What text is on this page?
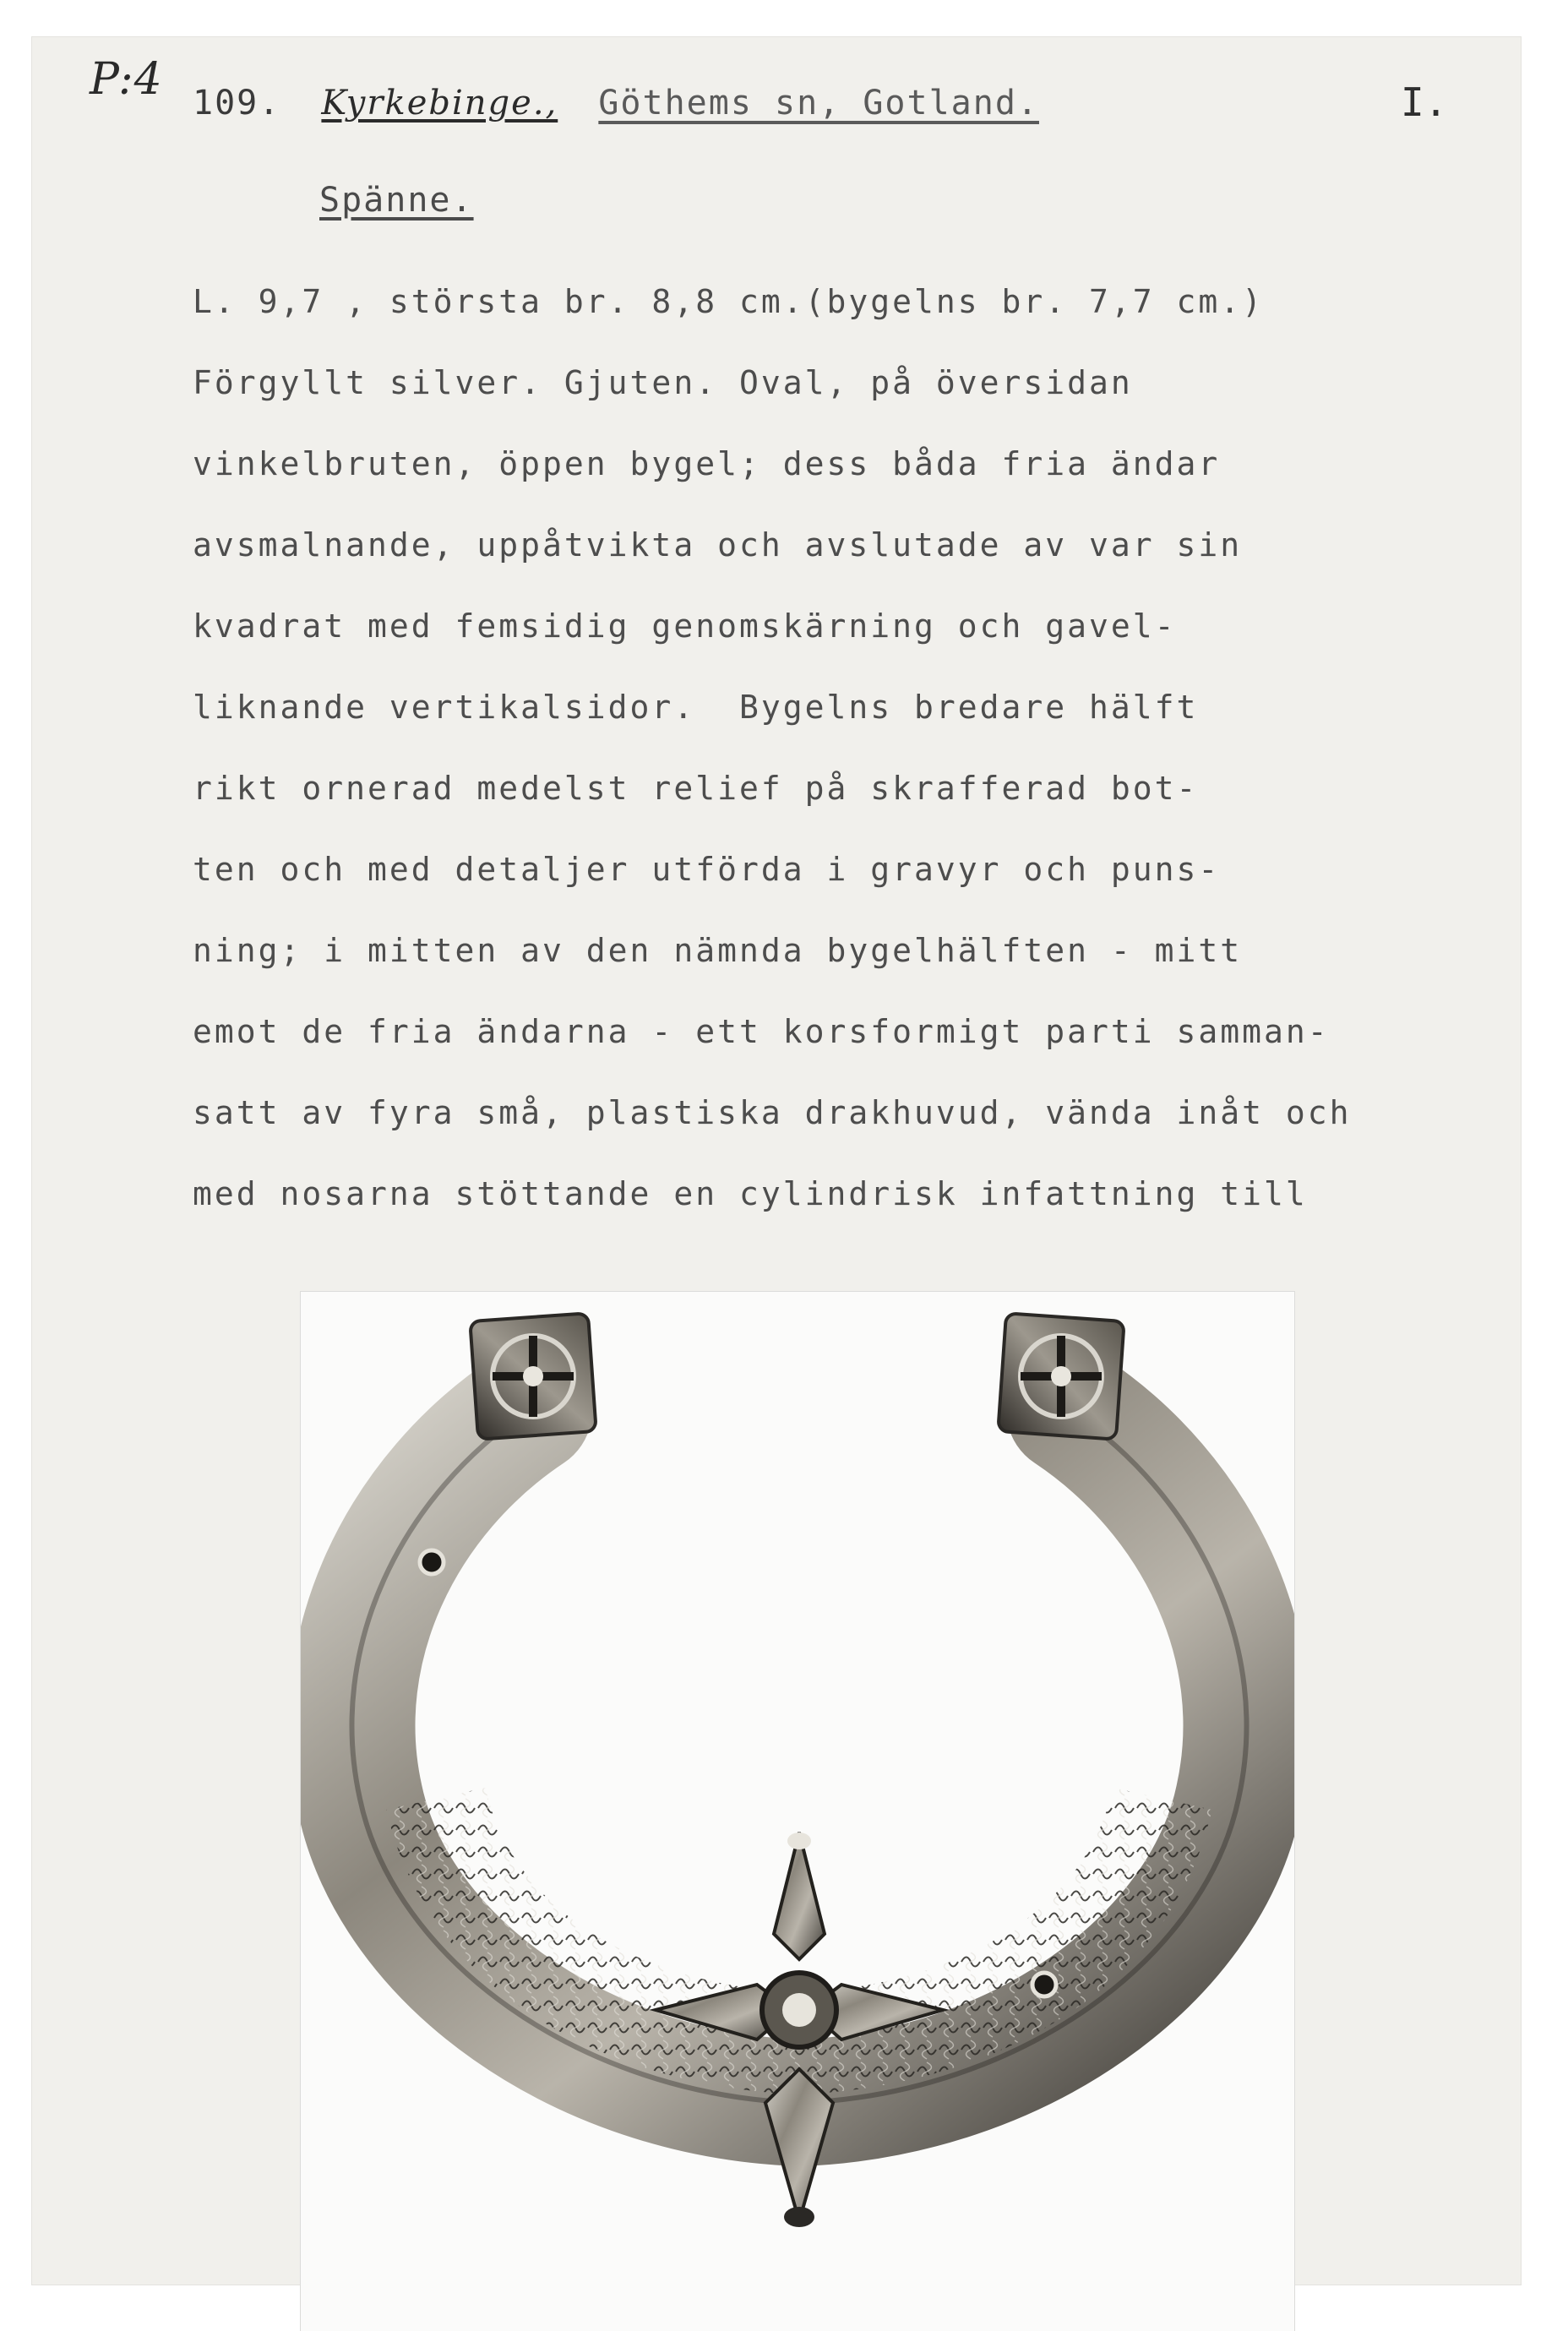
P:4 109. Kyrkebinge., Göthems sn, Gotland.	I.
Spänne.
L. 9,7 , största br. 8,8 cm.(bygelns br. 7,7 cm.)
Förgyllt silver. Gjuten. Oval, på översidan
vinkelbruten, öppen bygel; dess båda fria ändar
avsmalnande, uppåtvikta och avslutade av var sin
kvadrat med femsidig genomskärning och gavel-
liknande vertikalsidor.  Bygelns bredare hälft
rikt ornerad medelst relief på skrafferad bot-
ten och med detaljer utförda i gravyr och puns-
ning; i mitten av den nämnda bygelhälften - mitt
emot de fria ändarna - ett korsformigt parti samman-
satt av fyra små, plastiska drakhuvud, vända inåt och
med nosarna stöttande en cylindrisk infattning till
